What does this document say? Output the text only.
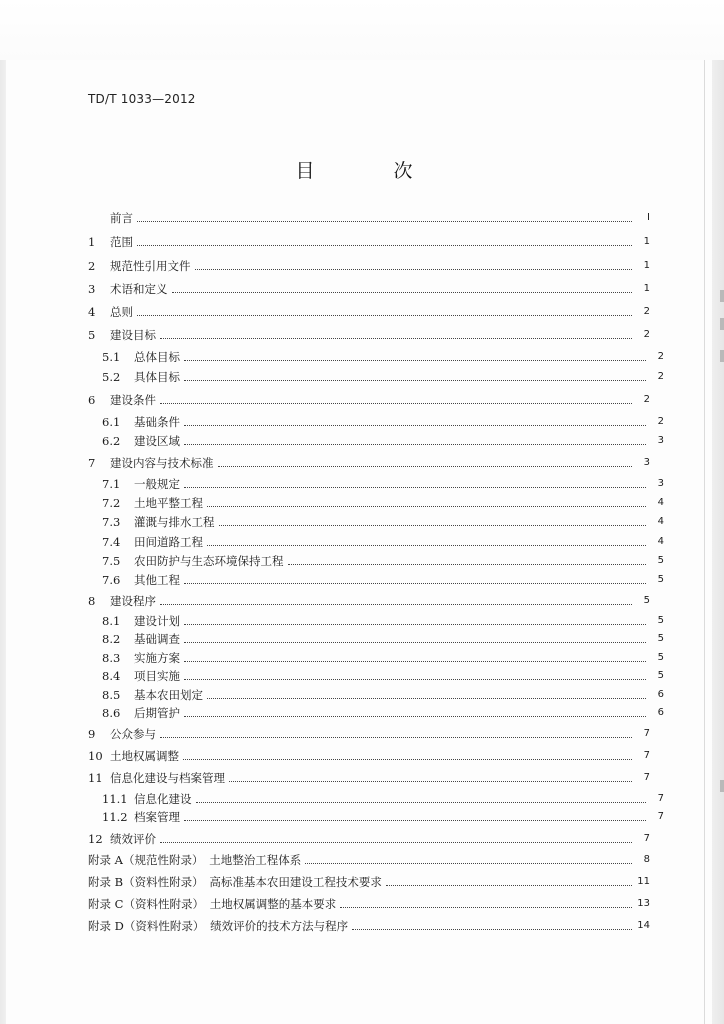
TD/T 1033—2012
目　次
前言	Ⅰ
1	范围	1
2	规范性引用文件	1
3	术语和定义	1
4	总则	2
5	建设目标	2
5.1	总体目标	2
5.2	具体目标	2
6	建设条件	2
6.1	基础条件	2
6.2	建设区域	3
7	建设内容与技术标准	3
7.1	一般规定	3
7.2	土地平整工程	4
7.3	灌溉与排水工程	4
7.4	田间道路工程	4
7.5	农田防护与生态环境保持工程	5
7.6	其他工程	5
8	建设程序	5
8.1	建设计划	5
8.2	基础调查	5
8.3	实施方案	5
8.4	项目实施	5
8.5	基本农田划定	6
8.6	后期管护	6
9	公众参与	7
10 土地权属调整	7
11 信息化建设与档案管理	7
11.1 信息化建设	7
11.2 档案管理	7
12 绩效评价	7
附录 A（规范性附录）　土地整治工程体系	8
附录 B（资料性附录）　高标准基本农田建设工程技术要求	11
附录 C（资料性附录）　土地权属调整的基本要求	13
附录 D（资料性附录）　绩效评价的技术方法与程序	14
